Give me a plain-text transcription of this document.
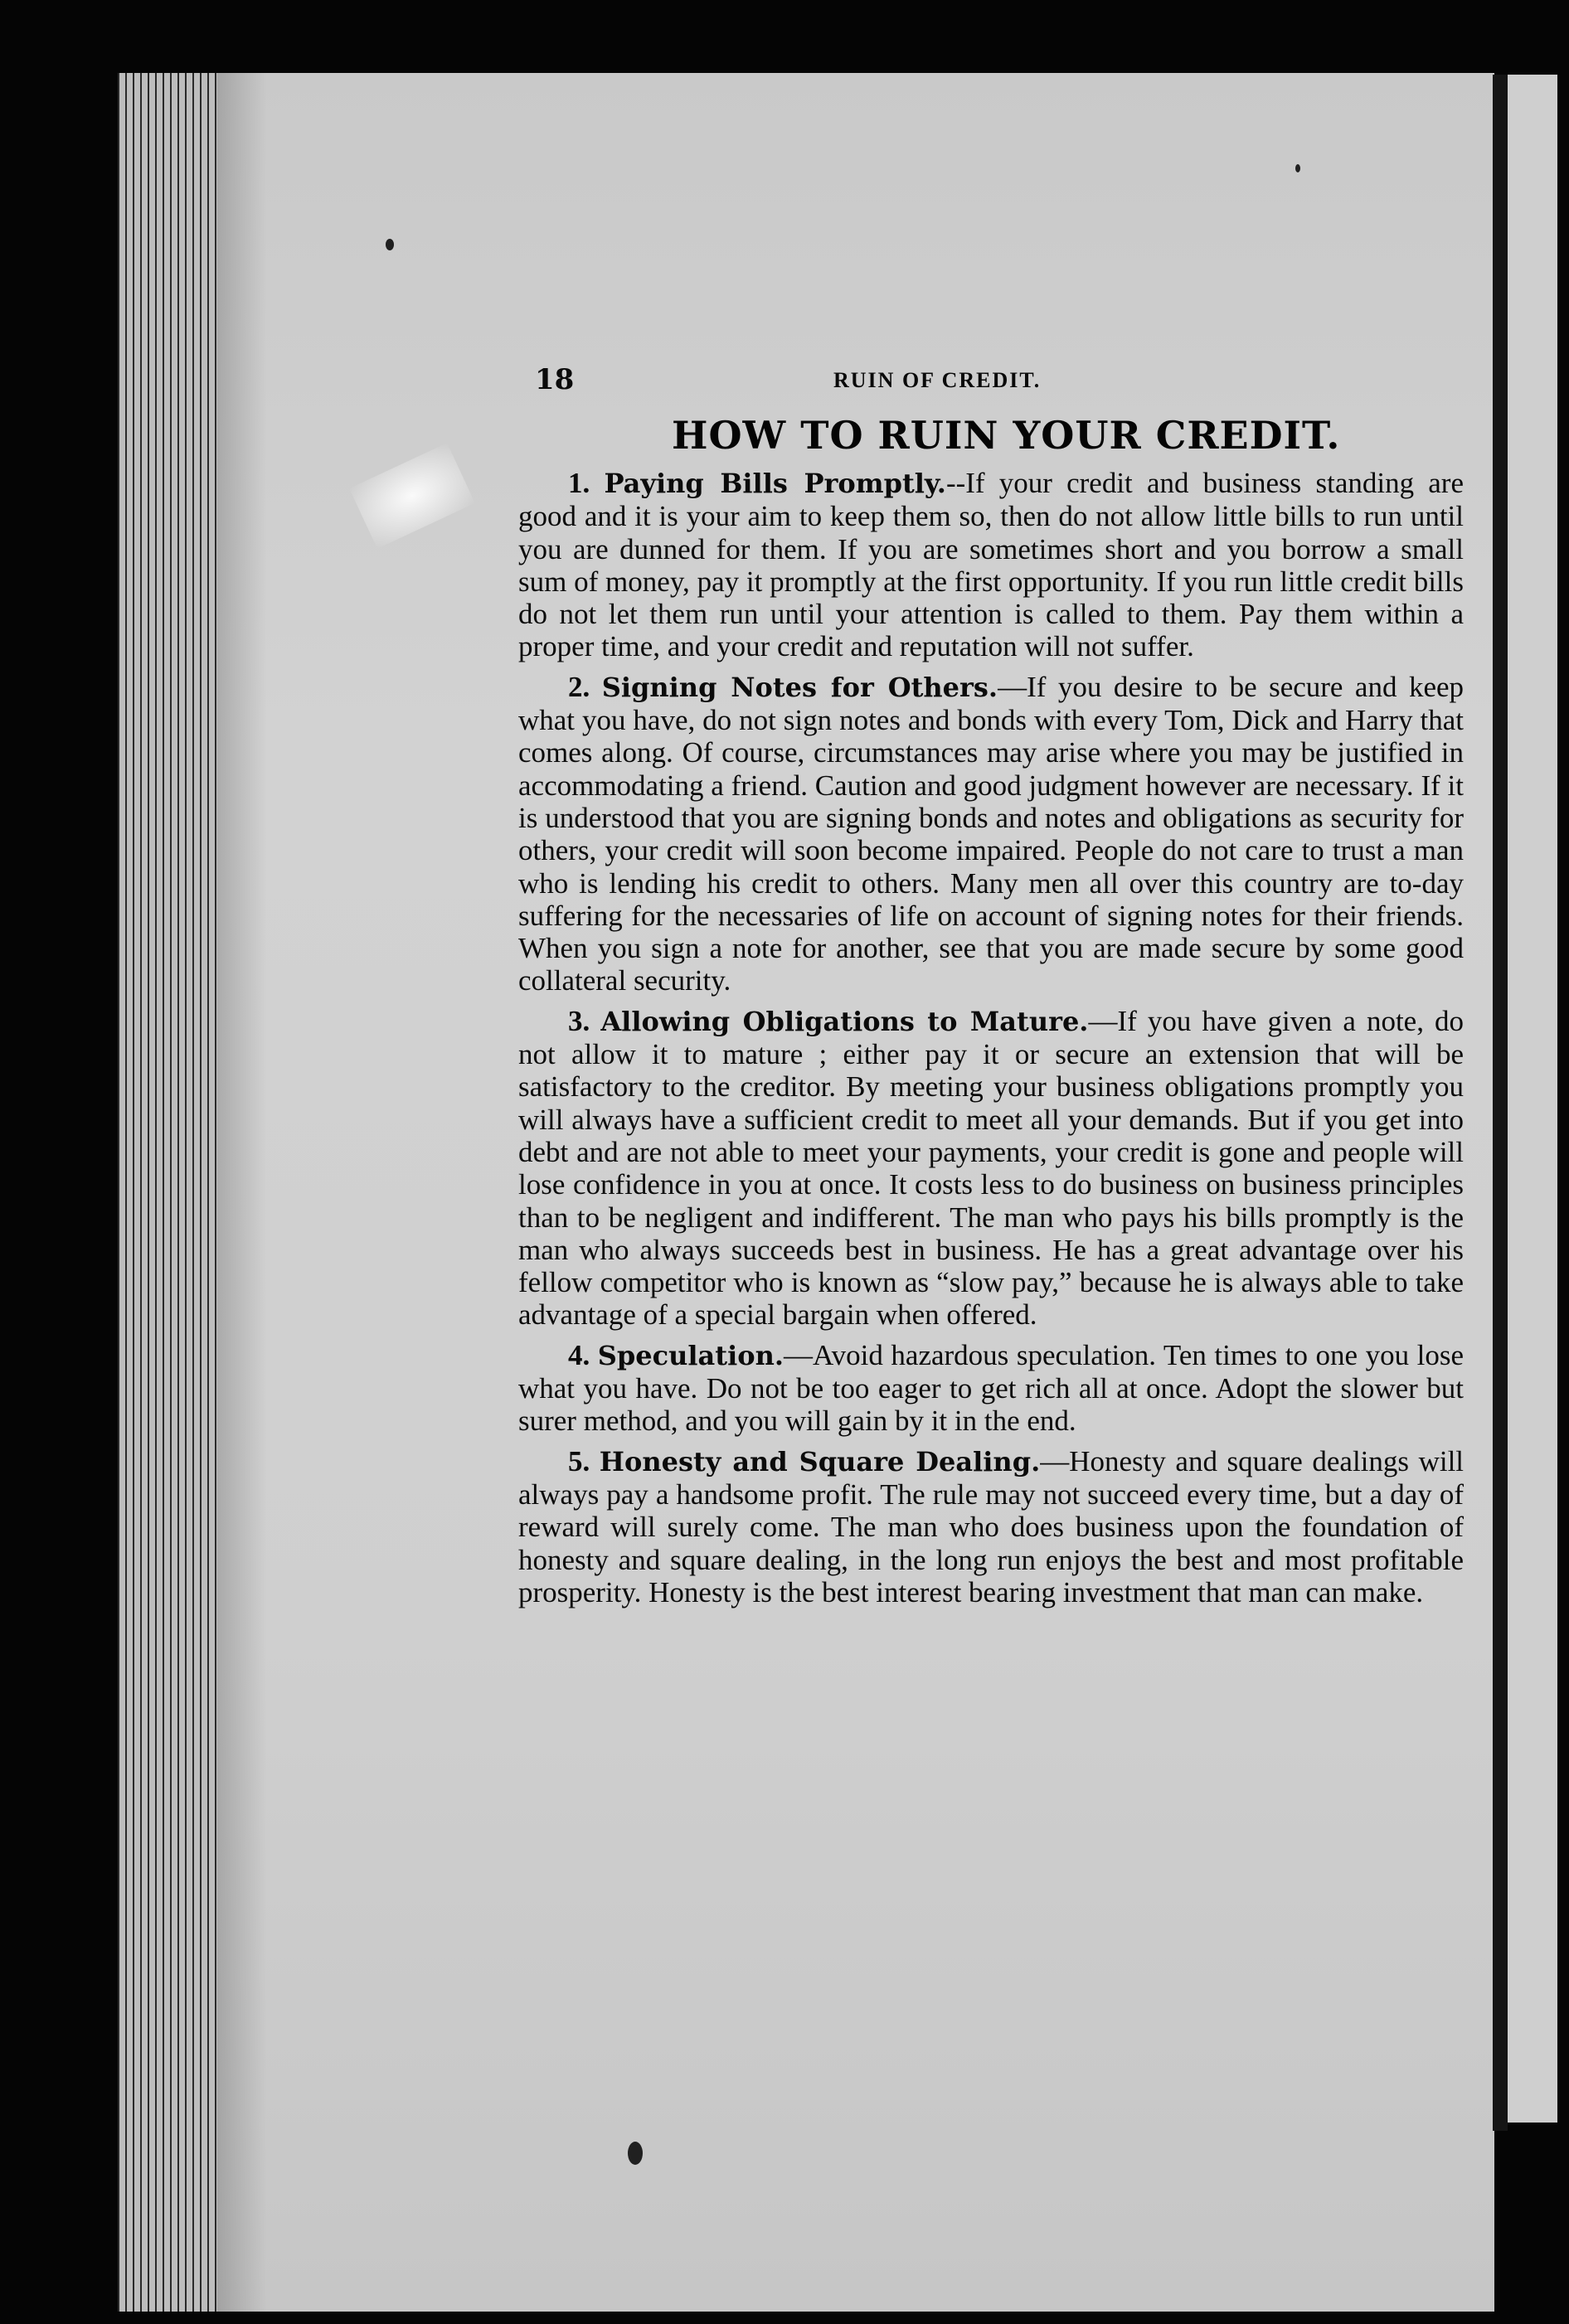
18	RUIN OF CREDIT.
HOW TO RUIN YOUR CREDIT.

1. Paying Bills Promptly.--If your credit and business standing are good and it is your aim to keep them so, then do not allow little bills to run until you are dunned for them. If you are sometimes short and you borrow a small sum of money, pay it promptly at the first opportunity. If you run little credit bills do not let them run until your attention is called to them. Pay them within a proper time, and your credit and reputation will not suffer.

2. Signing Notes for Others.—If you desire to be secure and keep what you have, do not sign notes and bonds with every Tom, Dick and Harry that comes along. Of course, circumstances may arise where you may be justified in accommodating a friend. Caution and good judgment however are necessary. If it is understood that you are signing bonds and notes and obligations as security for others, your credit will soon become impaired. People do not care to trust a man who is lending his credit to others. Many men all over this country are to-day suffering for the necessaries of life on account of signing notes for their friends. When you sign a note for another, see that you are made secure by some good collateral security.

3. Allowing Obligations to Mature.—If you have given a note, do not allow it to mature ; either pay it or secure an extension that will be satisfactory to the creditor. By meeting your business obligations promptly you will always have a sufficient credit to meet all your demands. But if you get into debt and are not able to meet your payments, your credit is gone and people will lose confidence in you at once. It costs less to do business on business principles than to be negligent and indifferent. The man who pays his bills promptly is the man who always succeeds best in business. He has a great advantage over his fellow competitor who is known as “slow pay,” because he is always able to take advantage of a special bargain when offered.

4. Speculation.—Avoid hazardous speculation. Ten times to one you lose what you have. Do not be too eager to get rich all at once. Adopt the slower but surer method, and you will gain by it in the end.

5. Honesty and Square Dealing.—Honesty and square dealings will always pay a handsome profit. The rule may not succeed every time, but a day of reward will surely come. The man who does business upon the foundation of honesty and square dealing, in the long run enjoys the best and most profitable prosperity. Honesty is the best interest bearing investment that man can make.
